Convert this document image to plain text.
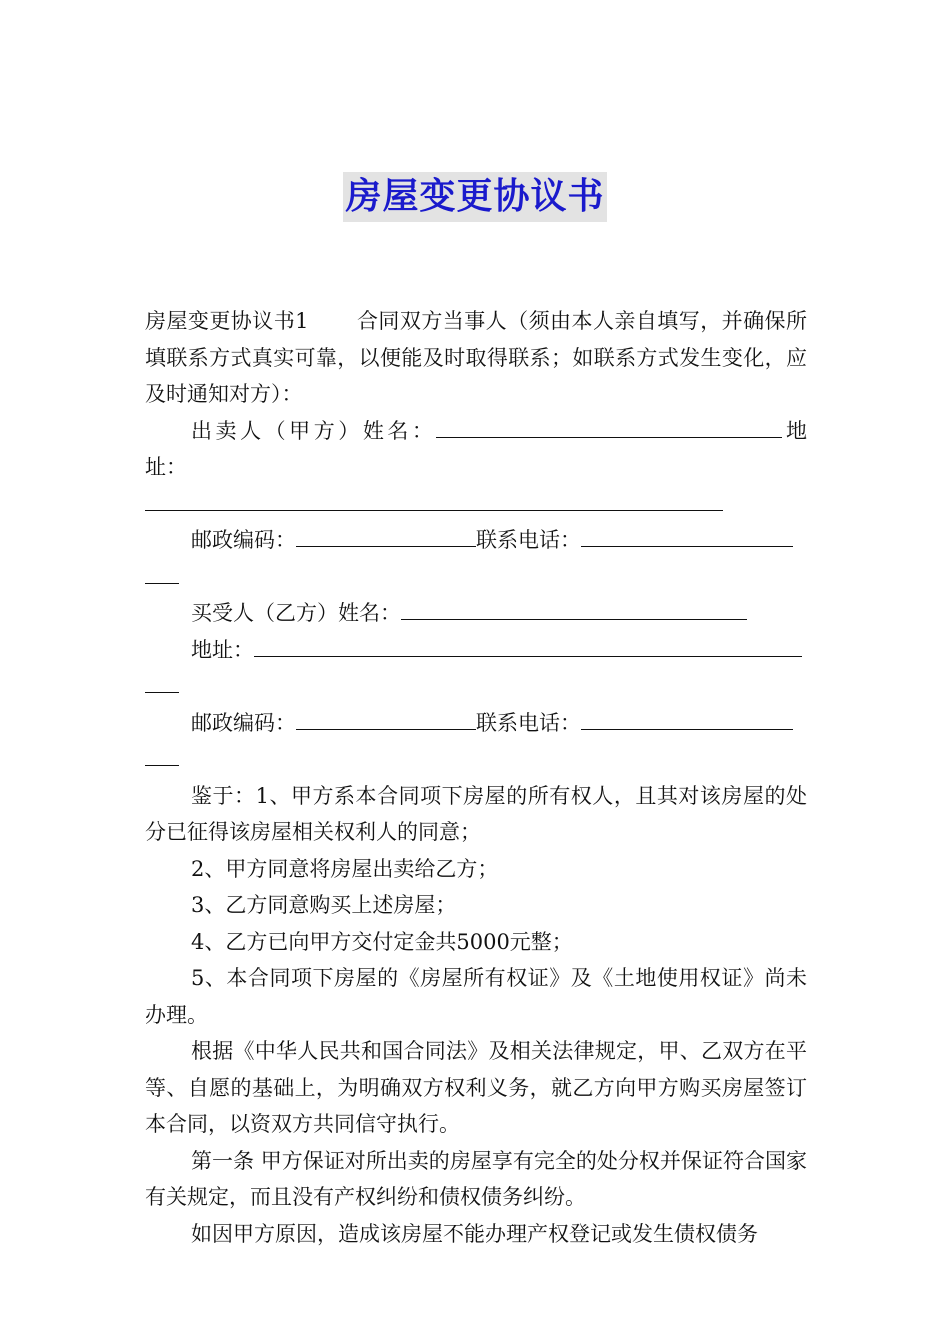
房屋变更协议书

房屋变更协议书1 合同双方当事人（须由本人亲自填写，并确保所填联系方式真实可靠，以便能及时取得联系；如联系方式发生变化，应及时通知对方）：

出卖人（甲方）姓名：	地址：

邮政编码：	联系电话：

买受人（乙方）姓名：

地址：

邮政编码：	联系电话：

鉴于：1、甲方系本合同项下房屋的所有权人，且其对该房屋的处分已征得该房屋相关权利人的同意；

2、甲方同意将房屋出卖给乙方；

3、乙方同意购买上述房屋；

4、乙方已向甲方交付定金共5000元整；

5、本合同项下房屋的《房屋所有权证》及《土地使用权证》尚未办理。

根据《中华人民共和国合同法》及相关法律规定，甲、乙双方在平等、自愿的基础上，为明确双方权利义务，就乙方向甲方购买房屋签订本合同，以资双方共同信守执行。

第一条 甲方保证对所出卖的房屋享有完全的处分权并保证符合国家有关规定，而且没有产权纠纷和债权债务纠纷。

如因甲方原因，造成该房屋不能办理产权登记或发生债权债务
